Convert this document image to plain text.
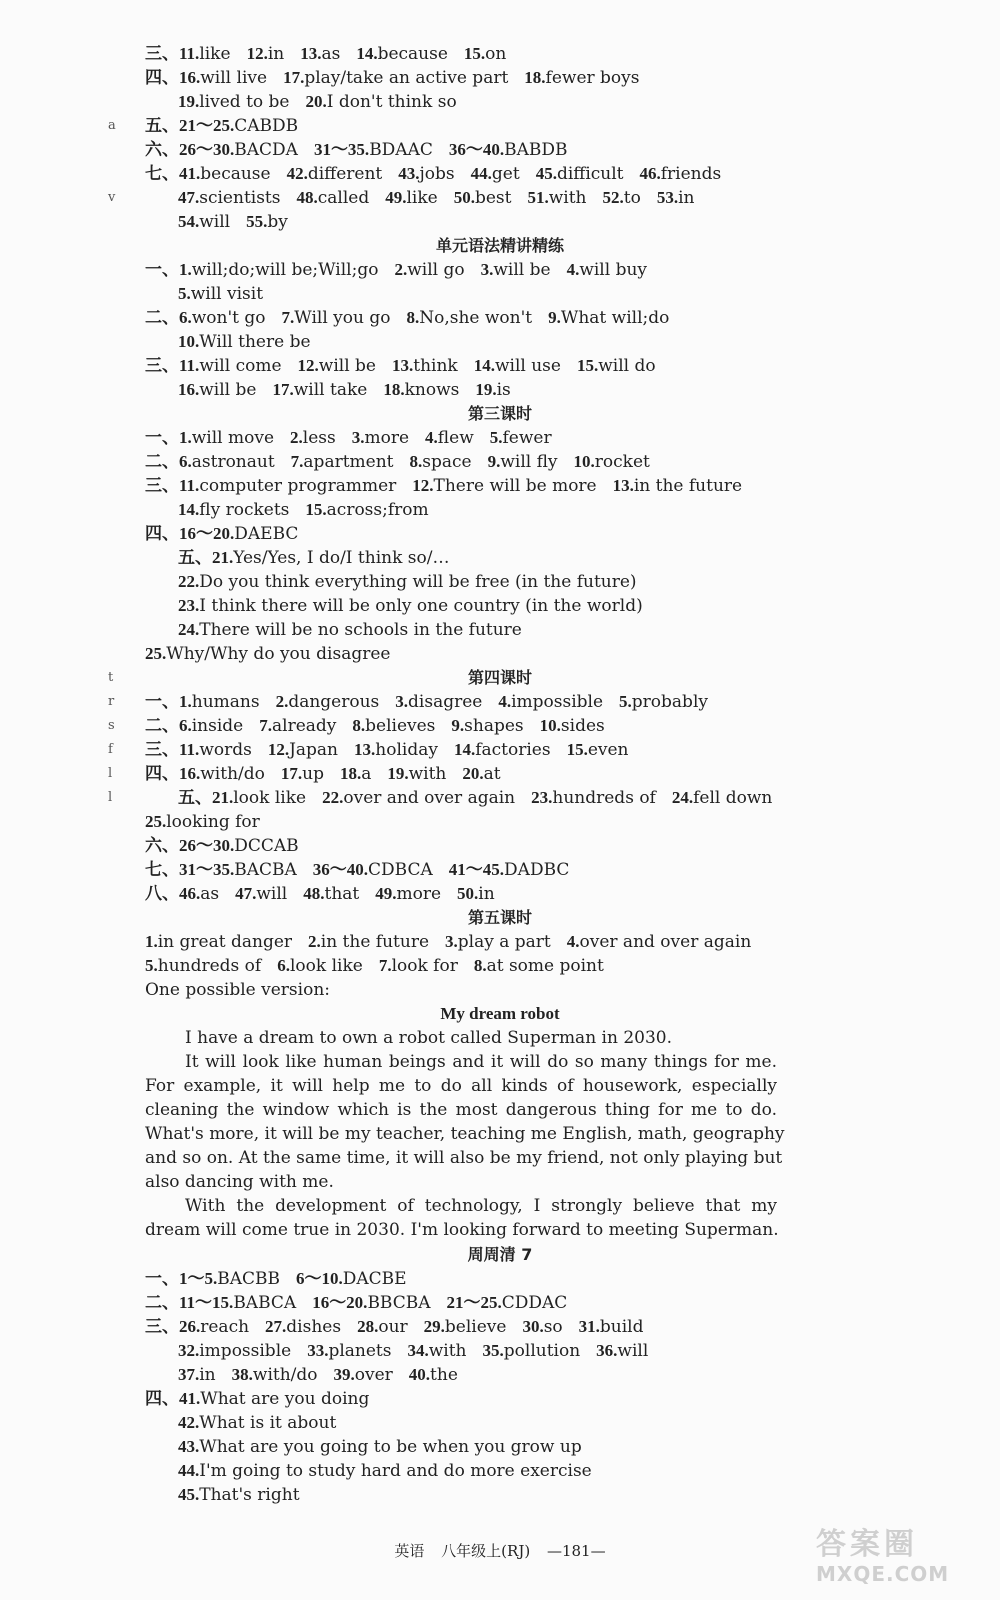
三、11.like 12.in 13.as 14.because 15.on
四、16.will live 17.play/take an active part 18.fewer boys
19.lived to be 20.I don't think so
五、21～25.CABDB
六、26～30.BACDA 31～35.BDAAC 36～40.BABDB
七、41.because 42.different 43.jobs 44.get 45.difficult 46.friends
47.scientists 48.called 49.like 50.best 51.with 52.to 53.in
54.will 55.by
单元语法精讲精练
一、1.will;do;will be;Will;go 2.will go 3.will be 4.will buy
5.will visit
二、6.won't go 7.Will you go 8.No,she won't 9.What will;do
10.Will there be
三、11.will come 12.will be 13.think 14.will use 15.will do
16.will be 17.will take 18.knows 19.is
第三课时
一、1.will move 2.less 3.more 4.flew 5.fewer
二、6.astronaut 7.apartment 8.space 9.will fly 10.rocket
三、11.computer programmer 12.There will be more 13.in the future
14.fly rockets 15.across;from
四、16～20.DAEBC
五、21.Yes/Yes, I do/I think so/…
22.Do you think everything will be free (in the future)
23.I think there will be only one country (in the world)
24.There will be no schools in the future
25.Why/Why do you disagree
第四课时
一、1.humans 2.dangerous 3.disagree 4.impossible 5.probably
二、6.inside 7.already 8.believes 9.shapes 10.sides
三、11.words 12.Japan 13.holiday 14.factories 15.even
四、16.with/do 17.up 18.a 19.with 20.at
五、21.look like 22.over and over again 23.hundreds of 24.fell down
25.looking for
六、26～30.DCCAB
七、31～35.BACBA 36～40.CDBCA 41～45.DADBC
八、46.as 47.will 48.that 49.more 50.in
第五课时
1.in great danger 2.in the future 3.play a part 4.over and over again
5.hundreds of 6.look like 7.look for 8.at some point
One possible version:
My dream robot
I have a dream to own a robot called Superman in 2030.
It will look like human beings and it will do so many things for me.
For example, it will help me to do all kinds of housework, especially
cleaning the window which is the most dangerous thing for me to do.
What's more, it will be my teacher, teaching me English, math, geography
and so on. At the same time, it will also be my friend, not only playing but
also dancing with me.
With the development of technology, I strongly believe that my
dream will come true in 2030. I'm looking forward to meeting Superman.
周周清 7
一、1～5.BACBB 6～10.DACBE
二、11～15.BABCA 16～20.BBCBA 21～25.CDDAC
三、26.reach 27.dishes 28.our 29.believe 30.so 31.build
32.impossible 33.planets 34.with 35.pollution 36.will
37.in 38.with/do 39.over 40.the
四、41.What are you doing
42.What is it about
43.What are you going to be when you grow up
44.I'm going to study hard and do more exercise
45.That's right
a
v
t
r
s
f
l
l
英语 八年级上(RJ) —181—	答案圈
MXQE.COM
